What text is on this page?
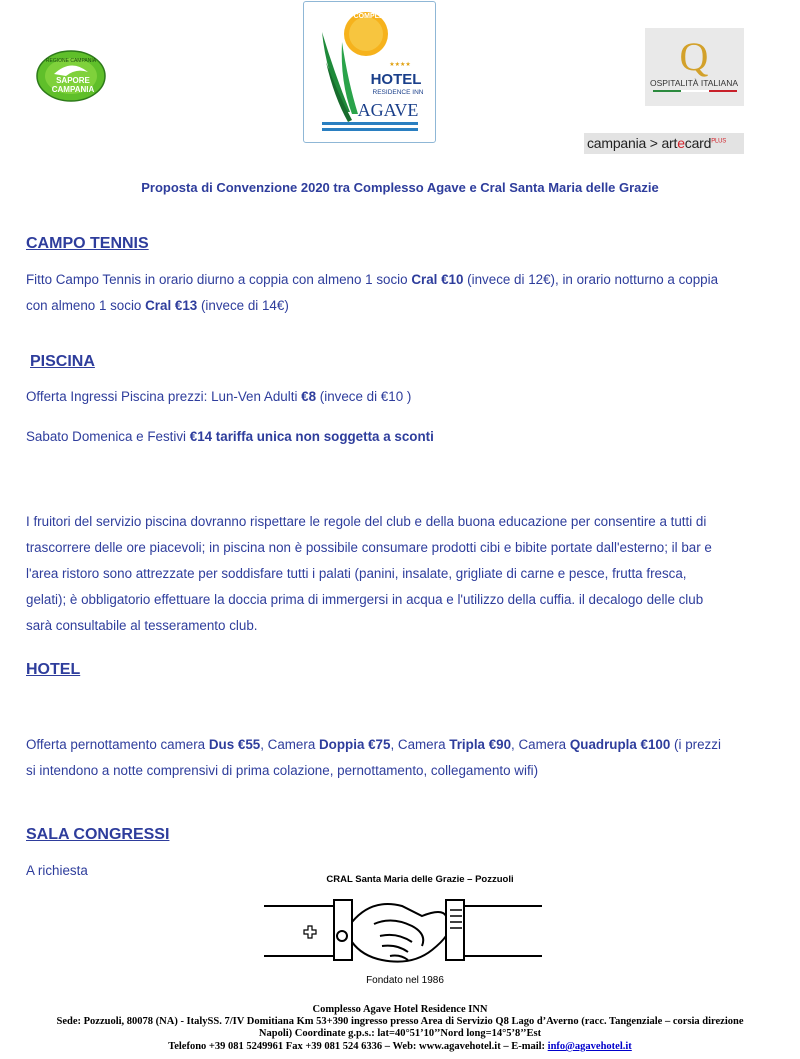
REGIONE CAMPANIA
SAPORE
CAMPANIA
COMPLESSO
★★★★
HOTEL
RESIDENCE INN
AGAVE
Q
OSPITALITÀ ITALIANA
campania > artecard$^{PLUS}$
Proposta di Convenzione 2020 tra Complesso Agave e Cral Santa Maria delle Grazie
CAMPO TENNIS
Fitto Campo Tennis in orario diurno a coppia con almeno 1 socio Cral €10 (invece di 12€), in orario notturno a coppia
con almeno 1 socio Cral €13 (invece di 14€)
PISCINA
Offerta Ingressi Piscina prezzi: Lun-Ven Adulti €8 (invece di €10 )
Sabato Domenica e Festivi €14 tariffa unica non soggetta a sconti
I fruitori del servizio piscina dovranno rispettare le regole del club e della buona educazione per consentire a tutti di
trascorrere delle ore piacevoli; in piscina non è possibile consumare prodotti cibi e bibite portate dall'esterno; il bar e
l'area ristoro sono attrezzate per soddisfare tutti i palati (panini, insalate, grigliate di carne e pesce, frutta fresca,
gelati); è obbligatorio effettuare la doccia prima di immergersi in acqua e l'utilizzo della cuffia. il decalogo delle club
sarà consultabile al tesseramento club.
HOTEL
Offerta pernottamento camera Dus €55, Camera Doppia €75, Camera Tripla €90, Camera Quadrupla €100 (i prezzi
si intendono a notte comprensivi di prima colazione, pernottamento, collegamento wifi)
SALA CONGRESSI
A richiesta
CRAL Santa Maria delle Grazie – Pozzuoli
Fondato nel 1986
Complesso Agave Hotel Residence INN
Sede: Pozzuoli, 80078 (NA) - ItalySS. 7/IV Domitiana Km 53+390 ingresso presso Area di Servizio Q8 Lago d’Averno (racc. Tangenziale – corsia direzione
Napoli) Coordinate g.p.s.: lat=40°51’10’’Nord long=14°5’8’’Est
Telefono +39 081 5249961 Fax +39 081 524 6336 – Web: www.agavehotel.it – E-mail: info@agavehotel.it
